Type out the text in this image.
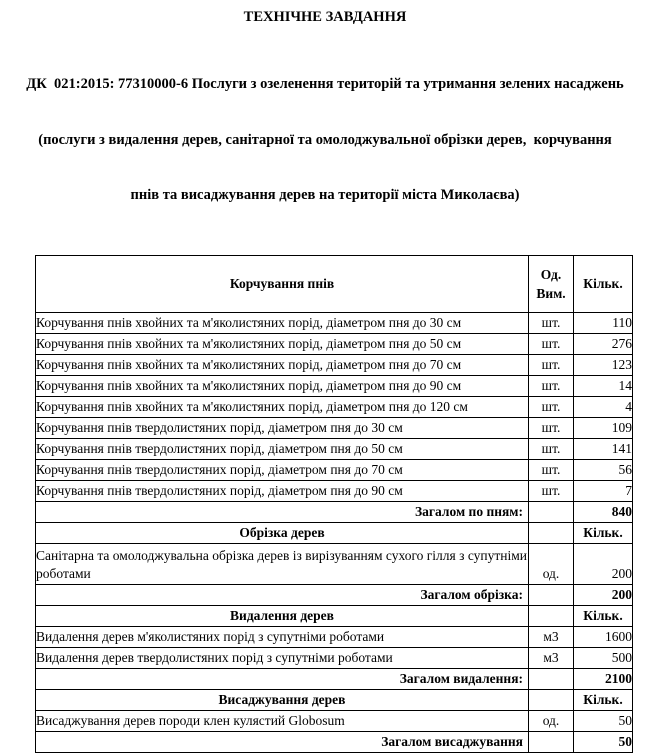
ТЕХНІЧНЕ ЗАВДАННЯ

ДК  021:2015: 77310000-6 Послуги з озеленення територій та утримання зелених насаджень

(послуги з видалення дерев, санітарної та омолоджувальної обрізки дерев,  корчування

пнів та висаджування дерев на території міста Миколаєва)

Корчування пнів	Од. Вим.	Кільк.
Корчування пнів хвойних та м'яколистяних порід, діаметром пня до 30 см	шт.	110
Корчування пнів хвойних та м'яколистяних порід, діаметром пня до 50 см	шт.	276
Корчування пнів хвойних та м'яколистяних порід, діаметром пня до 70 см	шт.	123
Корчування пнів хвойних та м'яколистяних порід, діаметром пня до 90 см	шт.	14
Корчування пнів хвойних та м'яколистяних порід, діаметром пня до 120 см	шт.	4
Корчування пнів твердолистяних порід, діаметром пня до 30 см	шт.	109
Корчування пнів твердолистяних порід, діаметром пня до 50 см	шт.	141
Корчування пнів твердолистяних порід, діаметром пня до 70 см	шт.	56
Корчування пнів твердолистяних порід, діаметром пня до 90 см	шт.	7
Загалом по пням:		840
Обрізка дерев		Кільк.
Санітарна та омолоджувальна обрізка дерев із вирізуванням сухого гілля з супутніми роботами	од.	200
Загалом обрізка:		200
Видалення дерев		Кільк.
Видалення дерев м'яколистяних порід з супутніми роботами	м3	1600
Видалення дерев твердолистяних порід з супутніми роботами	м3	500
Загалом видалення:		2100
Висаджування дерев		Кільк.
Висаджування дерев породи клен кулястий Globosum	од.	50
Загалом висаджування		50
